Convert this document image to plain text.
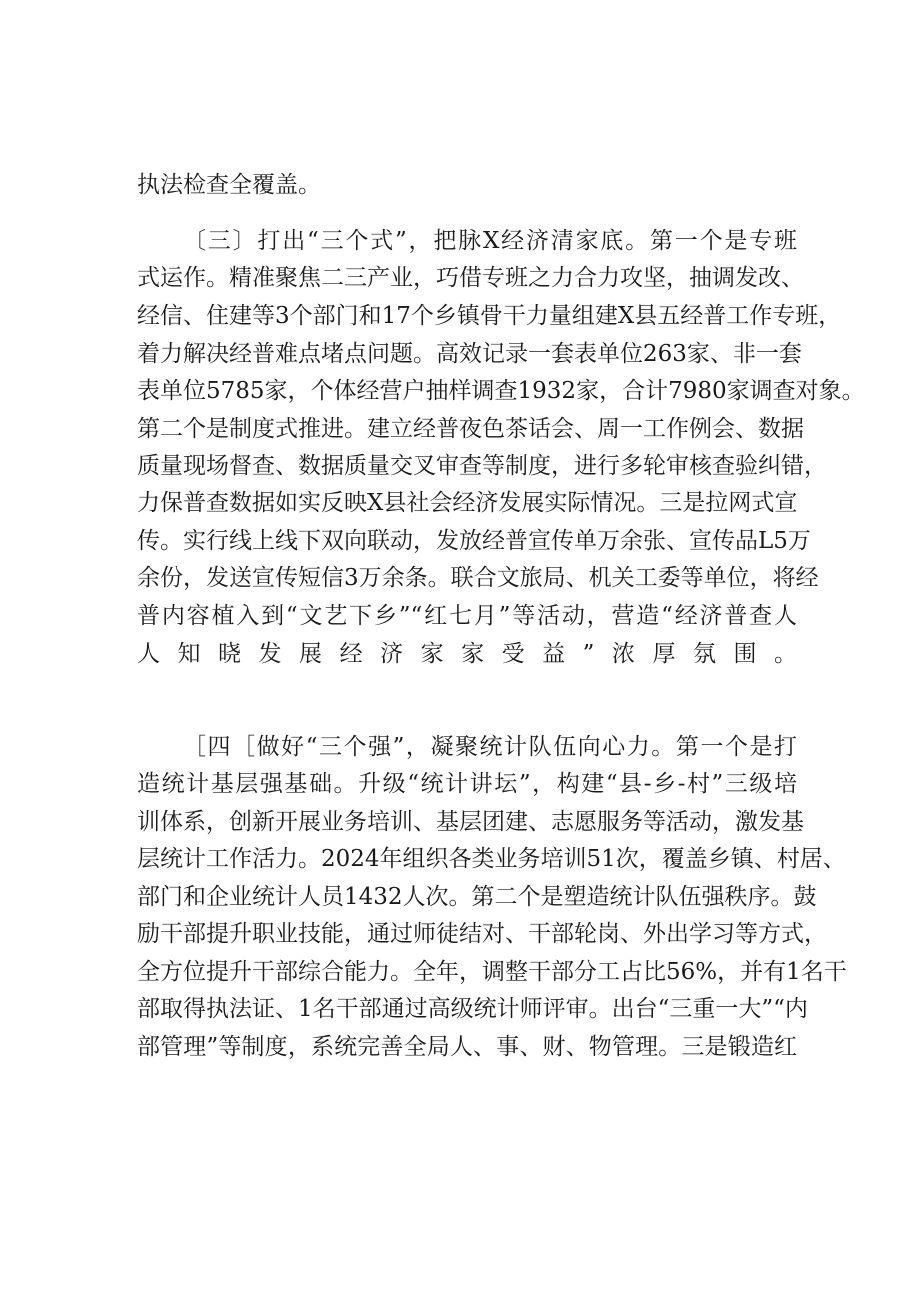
执法检查全覆盖。

〔三〕打出“三个式”，把脉X经济清家底。第一个是专班

式运作。精准聚焦二三产业，巧借专班之力合力攻坚，抽调发改、

经信、住建等3个部门和17个乡镇骨干力量组建X县五经普工作专班，

着力解决经普难点堵点问题。高效记录一套表单位263家、非一套

表单位5785家，个体经营户抽样调查1932家，合计7980家调查对象。

第二个是制度式推进。建立经普夜色茶话会、周一工作例会、数据

质量现场督查、数据质量交叉审查等制度，进行多轮审核查验纠错，

力保普查数据如实反映X县社会经济发展实际情况。三是拉网式宣

传。实行线上线下双向联动，发放经普宣传单万余张、宣传品L5万

余份，发送宣传短信3万余条。联合文旅局、机关工委等单位，将经

普内容植入到“文艺下乡”“红七月”等活动，营造“经济普查人

人知晓发展经济家家受益”浓厚氛围。

［四［做好“三个强”，凝聚统计队伍向心力。第一个是打

造统计基层强基础。升级“统计讲坛”，构建“县-乡-村”三级培

训体系，创新开展业务培训、基层团建、志愿服务等活动，激发基

层统计工作活力。2024年组织各类业务培训51次，覆盖乡镇、村居、

部门和企业统计人员1432人次。第二个是塑造统计队伍强秩序。鼓

励干部提升职业技能，通过师徒结对、干部轮岗、外出学习等方式，

全方位提升干部综合能力。全年，调整干部分工占比56%，并有1名干

部取得执法证、1名干部通过高级统计师评审。出台“三重一大”“内

部管理”等制度，系统完善全局人、事、财、物管理。三是锻造红
